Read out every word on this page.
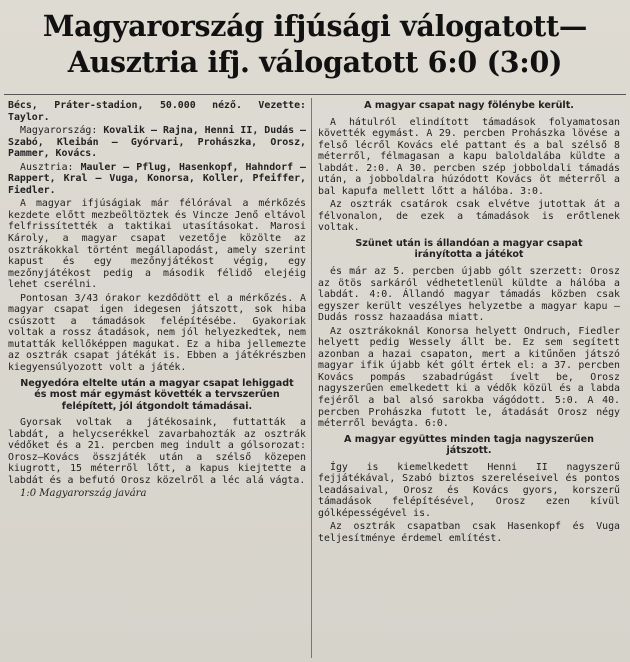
Magyarország ifjúsági válogatott—
Ausztria ifj. válogatott 6:0 (3:0)

Bécs, Práter-stadion, 50.000 néző. Vezette: Taylor.

Magyarország: Kovalik — Rajna, Henni II, Dudás — Szabó, Kleibán — Gyórvari, Prohászka, Orosz, Pammer, Kovács.

Ausztria: Mauler — Pflug, Hasenkopf, Hahndorf — Rappert, Kral — Vuga, Konorsa, Koller, Pfeiffer, Fiedler.

A magyar ifjúságiak már félórával a mérkőzés kezdete előtt mezbeöltöztek és Vincze Jenő eltávol felfrissítették a taktikai utasításokat. Marosi Károly, a magyar csapat vezetője közölte az osztrákokkal történt megállapodást, amely szerint kapust és egy mezőnyjátékost végig, egy mezőnyjátékost pedig a második félidő elejéig lehet cserélni.

Pontosan 3/43 órakor kezdődött el a mérkőzés. A magyar csapat igen idegesen játszott, sok hiba csúszott a támadások felépítésébe. Gyakoriak voltak a rossz átadások, nem jól helyezkedtek, nem mutatták kellőképpen magukat. Ez a hiba jellemezte az osztrák csapat játékát is. Ebben a játékrészben kiegyensúlyozott volt a játék.

Negyedóra eltelte után a magyar csapat lehiggadt és most már egymást követték a tervszerűen felépített, jól átgondolt támadásai.

Gyorsak voltak a játékosaink, futtatták a labdát, a helycserékkel zavarbahozták az osztrák védőket és a 21. percben meg indult a gólsorozat: Orosz—Kovács összjáték után a szélső közepen kiugrott, 15 méterről lőtt, a kapus kiejtette a labdát és a befutó Orosz közelről a léc alá vágta.

1:0 Magyarország javára

A magyar csapat nagy fölénybe került.

A hátulról elindított támadások folyamatosan követték egymást. A 29. percben Prohászka lövése a felső lécről Kovács elé pattant és a bal szélső 8 méterről, félmagasan a kapu baloldalába küldte a labdát. 2:0. A 30. percben szép jobboldali támadás után, a jobboldalra húzódott Kovács öt méterről a bal kapufa mellett lőtt a hálóba. 3:0.

Az osztrák csatárok csak elvétve jutottak át a félvonalon, de ezek a támadások is erőtlenek voltak.

Szünet után is állandóan a magyar csapat irányította a játékot

és már az 5. percben újabb gólt szerzett: Orosz az ötös sarkáról védhetetlenül küldte a hálóba a labdát. 4:0. Állandó magyar támadás közben csak egyszer került veszélyes helyzetbe a magyar kapu — Dudás rossz hazaadása miatt.

Az osztrákoknál Konorsa helyett Ondruch, Fiedler helyett pedig Wessely állt be. Ez sem segített azonban a hazai csapaton, mert a kitűnően játszó magyar ifik újabb két gólt értek el: a 37. percben Kovács pompás szabadrúgást ívelt be, Orosz nagyszerűen emelkedett ki a védők közül és a labda fejéről a bal alsó sarokba vágódott. 5:0. A 40. percben Prohászka futott le, átadását Orosz négy méterről bevágta. 6:0.

A magyar együttes minden tagja nagyszerűen játszott.

Így is kiemelkedett Henni II nagyszerű fejjátékával, Szabó biztos szereléseivel és pontos leadásaival, Orosz és Kovács gyors, korszerű támadások felépítésével, Orosz ezen kívül gólképességével is.

Az osztrák csapatban csak Hasenkopf és Vuga teljesítménye érdemel említést.
